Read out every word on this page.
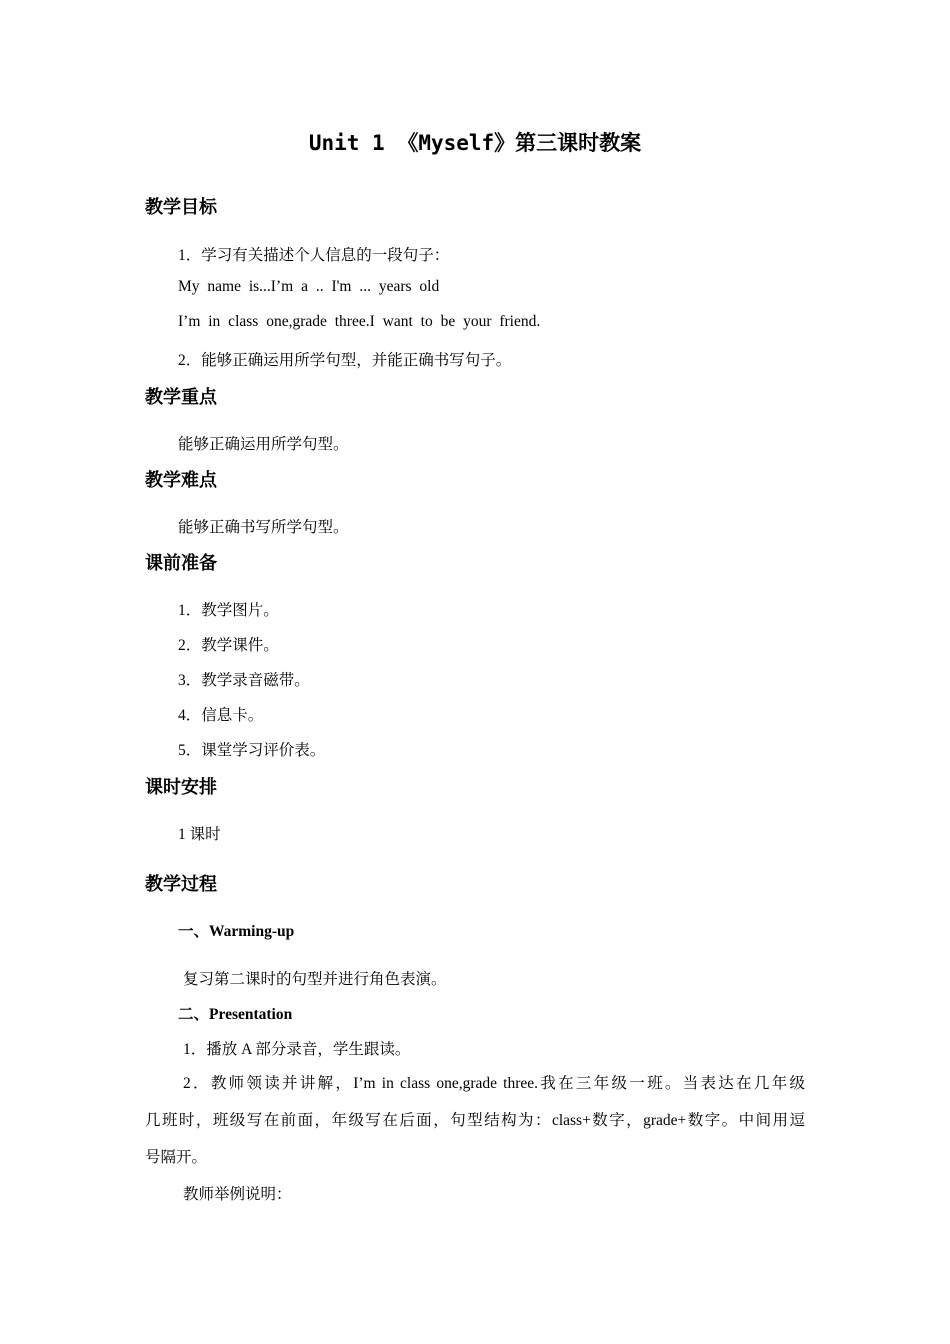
Unit 1 《Myself》第三课时教案
教学目标
1．学习有关描述个人信息的一段句子：
My name is...I’m a .. I'm ... years old
I’m in class one,grade three.I want to be your friend.
2．能够正确运用所学句型，并能正确书写句子。
教学重点
能够正确运用所学句型。
教学难点
能够正确书写所学句型。
课前准备
1．教学图片。
2．教学课件。
3．教学录音磁带。
4．信息卡。
5．课堂学习评价表。
课时安排
1 课时
教学过程
一、Warming-up
复习第二课时的句型并进行角色表演。
二、Presentation
1．播放 A 部分录音，学生跟读。
2．教师领读并讲解，I’m in class one,grade three.我在三年级一班。当表达在几年级
几班时，班级写在前面，年级写在后面，句型结构为：class+数字，grade+数字。中间用逗
号隔开。
教师举例说明：
